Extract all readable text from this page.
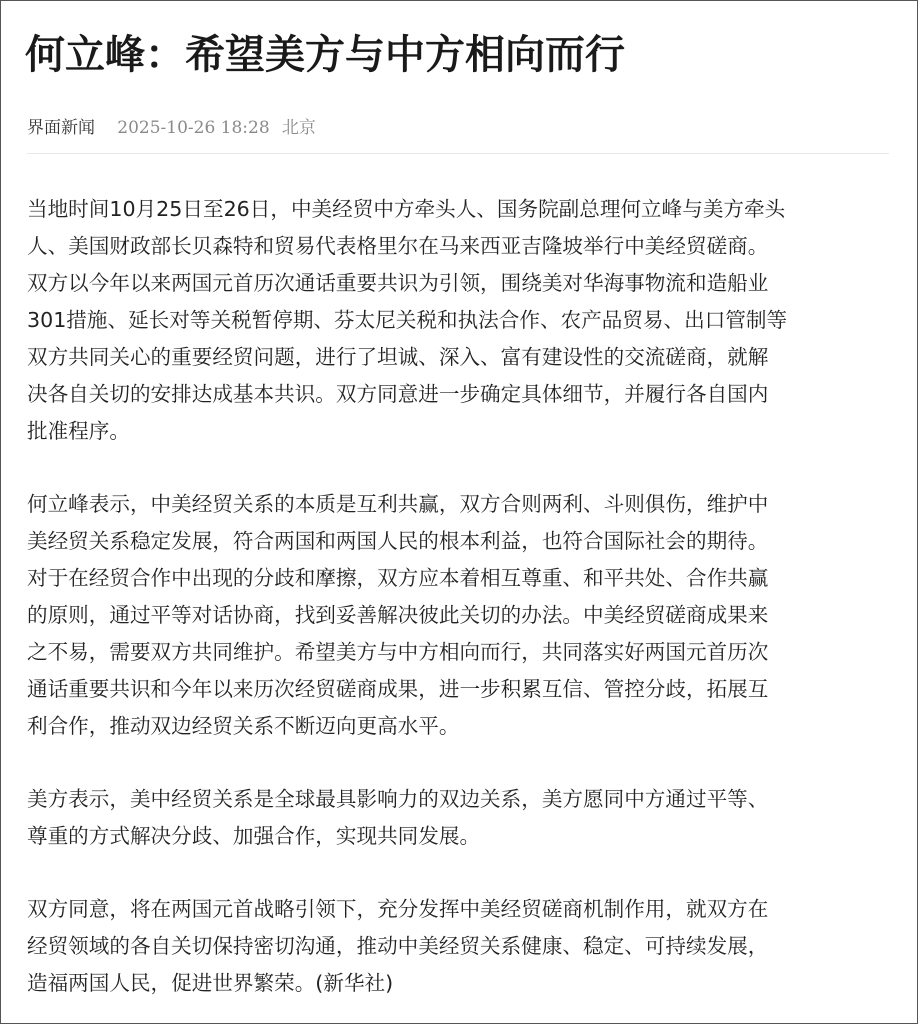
何立峰：希望美方与中方相向而行
界面新闻 2025-10-26 18:28 北京

当地时间10月25日至26日，中美经贸中方牵头人、国务院副总理何立峰与美方牵头
人、美国财政部长贝森特和贸易代表格里尔在马来西亚吉隆坡举行中美经贸磋商。
双方以今年以来两国元首历次通话重要共识为引领，围绕美对华海事物流和造船业
301措施、延长对等关税暂停期、芬太尼关税和执法合作、农产品贸易、出口管制等
双方共同关心的重要经贸问题，进行了坦诚、深入、富有建设性的交流磋商，就解
决各自关切的安排达成基本共识。双方同意进一步确定具体细节，并履行各自国内
批准程序。

何立峰表示，中美经贸关系的本质是互利共赢，双方合则两利、斗则俱伤，维护中
美经贸关系稳定发展，符合两国和两国人民的根本利益，也符合国际社会的期待。
对于在经贸合作中出现的分歧和摩擦，双方应本着相互尊重、和平共处、合作共赢
的原则，通过平等对话协商，找到妥善解决彼此关切的办法。中美经贸磋商成果来
之不易，需要双方共同维护。希望美方与中方相向而行，共同落实好两国元首历次
通话重要共识和今年以来历次经贸磋商成果，进一步积累互信、管控分歧，拓展互
利合作，推动双边经贸关系不断迈向更高水平。

美方表示，美中经贸关系是全球最具影响力的双边关系，美方愿同中方通过平等、
尊重的方式解决分歧、加强合作，实现共同发展。

双方同意，将在两国元首战略引领下，充分发挥中美经贸磋商机制作用，就双方在
经贸领域的各自关切保持密切沟通，推动中美经贸关系健康、稳定、可持续发展，
造福两国人民，促进世界繁荣。(新华社)
